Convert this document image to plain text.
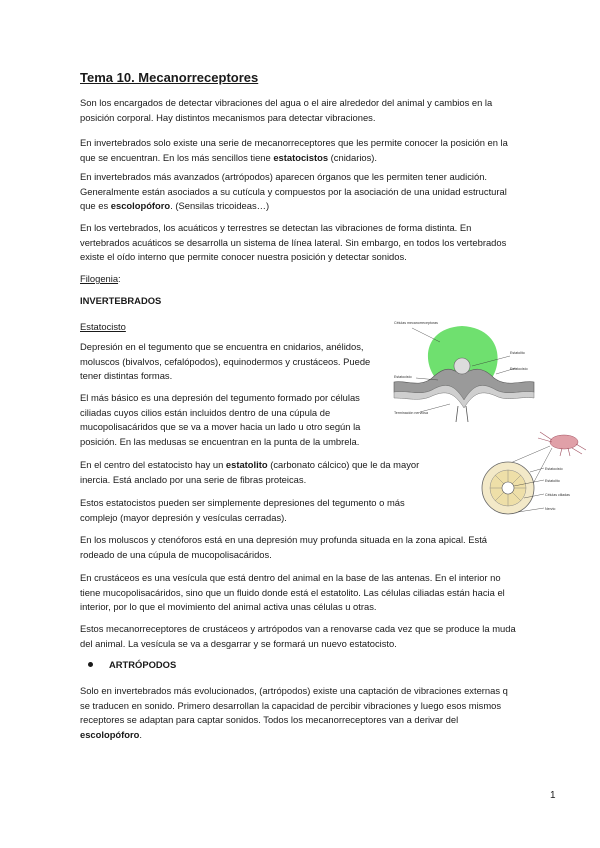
Tema 10. Mecanorreceptores

Son los encargados de detectar vibraciones del agua o el aire alrededor del animal y cambios en la posición corporal. Hay distintos mecanismos para detectar vibraciones.

En invertebrados solo existe una serie de mecanorreceptores que les permite conocer la posición en la que se encuentran. En los más sencillos tiene estatocistos (cnidarios).

En invertebrados más avanzados (artrópodos) aparecen órganos que les permiten tener audición. Generalmente están asociados a su cutícula y compuestos por la asociación de una unidad estructural que es escolopóforo. (Sensilas tricoideas…)

En los vertebrados, los acuáticos y terrestres se detectan las vibraciones de forma distinta. En vertebrados acuáticos se desarrolla un sistema de línea lateral. Sin embargo, en todos los vertebrados existe el oído interno que permite conocer nuestra posición y detectar sonidos.

Filogenia:

INVERTEBRADOS

Estatocisto

Depresión en el tegumento que se encuentra en cnidarios, anélidos, moluscos (bivalvos, cefalópodos), equinodermos y crustáceos. Puede tener distintas formas.

El más básico es una depresión del tegumento formado por células ciliadas cuyos cilios están incluidos dentro de una cúpula de mucopolisacáridos que se va a mover hacia un lado u otro según la posición. En las medusas se encuentran en la punta de la umbrela.

En el centro del estatocisto hay un estatolito (carbonato cálcico) que le da mayor inercia. Está anclado por una serie de fibras proteicas.

Estos estatocistos pueden ser simplemente depresiones del tegumento o más complejo (mayor depresión y vesículas cerradas).

En los moluscos y ctenóforos está en una depresión muy profunda situada en la zona apical. Está rodeado de una cúpula de mucopolisacáridos.

En crustáceos es una vesícula que está dentro del animal en la base de las antenas. En el interior no tiene mucopolisacáridos, sino que un fluido donde está el estatolito. Las células ciliadas están hacia el interior, por lo que el movimiento del animal activa unas células u otras.

Estos mecanorreceptores de crustáceos y artrópodos van a renovarse cada vez que se produce la muda del animal. La vesícula se va a desgarrar y se formará un nuevo estatocisto.

ARTRÓPODOS

Solo en invertebrados más evolucionados, (artrópodos) existe una captación de vibraciones externas q se traducen en sonido. Primero desarrollan la capacidad de percibir vibraciones y luego esos mismos receptores se adaptan para captar sonidos. Todos los mecanorreceptores van a derivar del escolopóforo.

1
Células mecanorreceptoras
Estatocisto
Terminación nerviosa
Estatolito
Estatocisto
Estatocisto
Estatolito
Células ciliadas
Nervio
